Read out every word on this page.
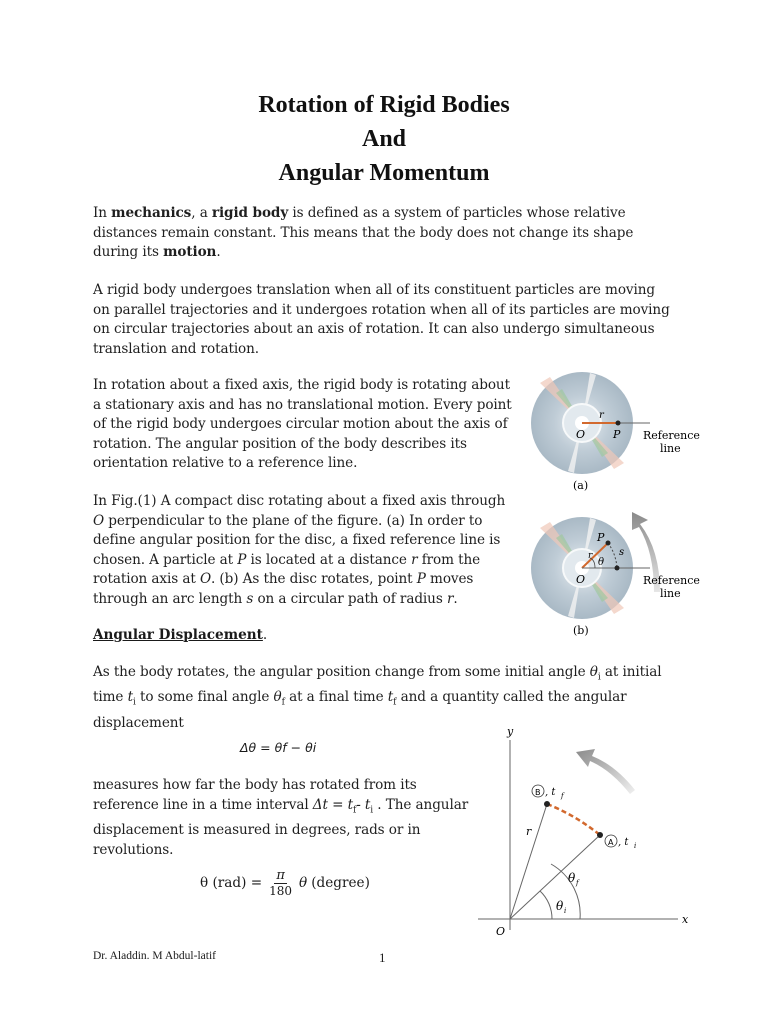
Rotation of Rigid Bodies
And
Angular Momentum
In mechanics, a rigid body is defined as a system of particles whose relative distances remain constant. This means that the body does not change its shape during its motion.
A rigid body undergoes translation when all of its constituent particles are moving on parallel trajectories and it undergoes rotation when all of its particles are moving on circular trajectories about an axis of rotation. It can also undergo simultaneous translation and rotation.
In rotation about a fixed axis, the rigid body is rotating about a stationary axis and has no translational motion. Every point of the rigid body undergoes circular motion about the axis of rotation. The angular position of the body describes its orientation relative to a reference line.
In Fig.(1) A compact disc rotating about a fixed axis through O perpendicular to the plane of the figure. (a) In order to define angular position for the disc, a fixed reference line is chosen. A particle at P is located at a distance r from the rotation axis at O. (b) As the disc rotates, point P moves through an arc length s on a circular path of radius r.
Angular Displacement.
As the body rotates, the angular position change from some initial angle $\theta_i$ at initial time $t_i$ to some final angle $\theta_f$ at a final time $t_f$ and a quantity called the angular displacement
Δθ = θf − θi
measures how far the body has rotated from its reference line in a time interval $\Delta t = t_f-$ $t_i$ . The angular displacement is measured in degrees, rads or in revolutions.
θ $(rad) = \frac{\pi}{180}$ θ (degree)
r
O	P Reference
line
(a)
P
s
r
θ
O	Reference
line
(b)
y
x
O
r
B , t f
A , t i
θ f
θ i
Dr. Aladdin. M Abdul-latif	1
